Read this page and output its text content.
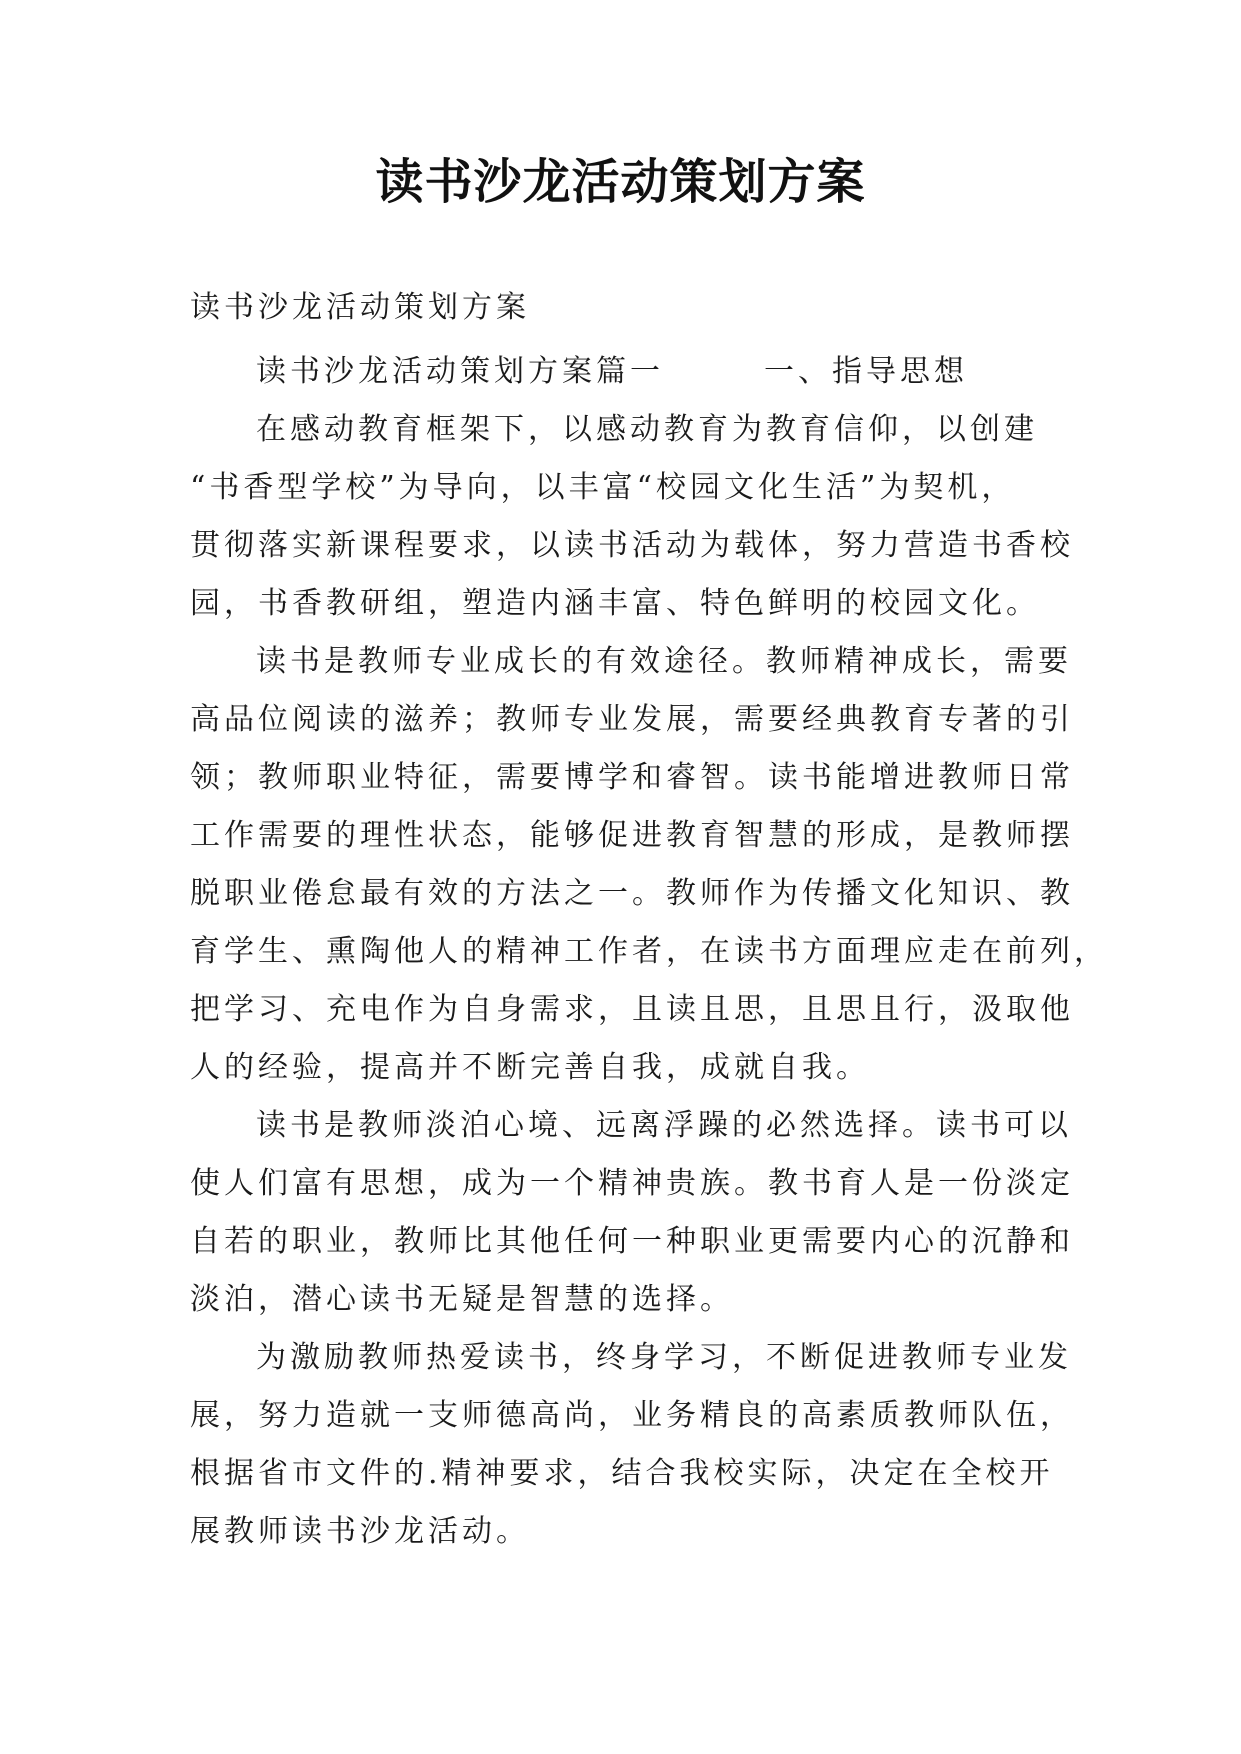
读书沙龙活动策划方案

读书沙龙活动策划方案

读书沙龙活动策划方案篇一	一、指导思想

在感动教育框架下，以感动教育为教育信仰，以创建

“书香型学校”为导向，以丰富“校园文化生活”为契机，

贯彻落实新课程要求，以读书活动为载体，努力营造书香校

园，书香教研组，塑造内涵丰富、特色鲜明的校园文化。

读书是教师专业成长的有效途径。教师精神成长，需要

高品位阅读的滋养；教师专业发展，需要经典教育专著的引

领；教师职业特征，需要博学和睿智。读书能增进教师日常

工作需要的理性状态，能够促进教育智慧的形成，是教师摆

脱职业倦怠最有效的方法之一。教师作为传播文化知识、教

育学生、熏陶他人的精神工作者，在读书方面理应走在前列，

把学习、充电作为自身需求，且读且思，且思且行，汲取他

人的经验，提高并不断完善自我，成就自我。

读书是教师淡泊心境、远离浮躁的必然选择。读书可以

使人们富有思想，成为一个精神贵族。教书育人是一份淡定

自若的职业，教师比其他任何一种职业更需要内心的沉静和

淡泊，潜心读书无疑是智慧的选择。

为激励教师热爱读书，终身学习，不断促进教师专业发

展，努力造就一支师德高尚，业务精良的高素质教师队伍，

根据省市文件的.精神要求，结合我校实际，决定在全校开

展教师读书沙龙活动。
